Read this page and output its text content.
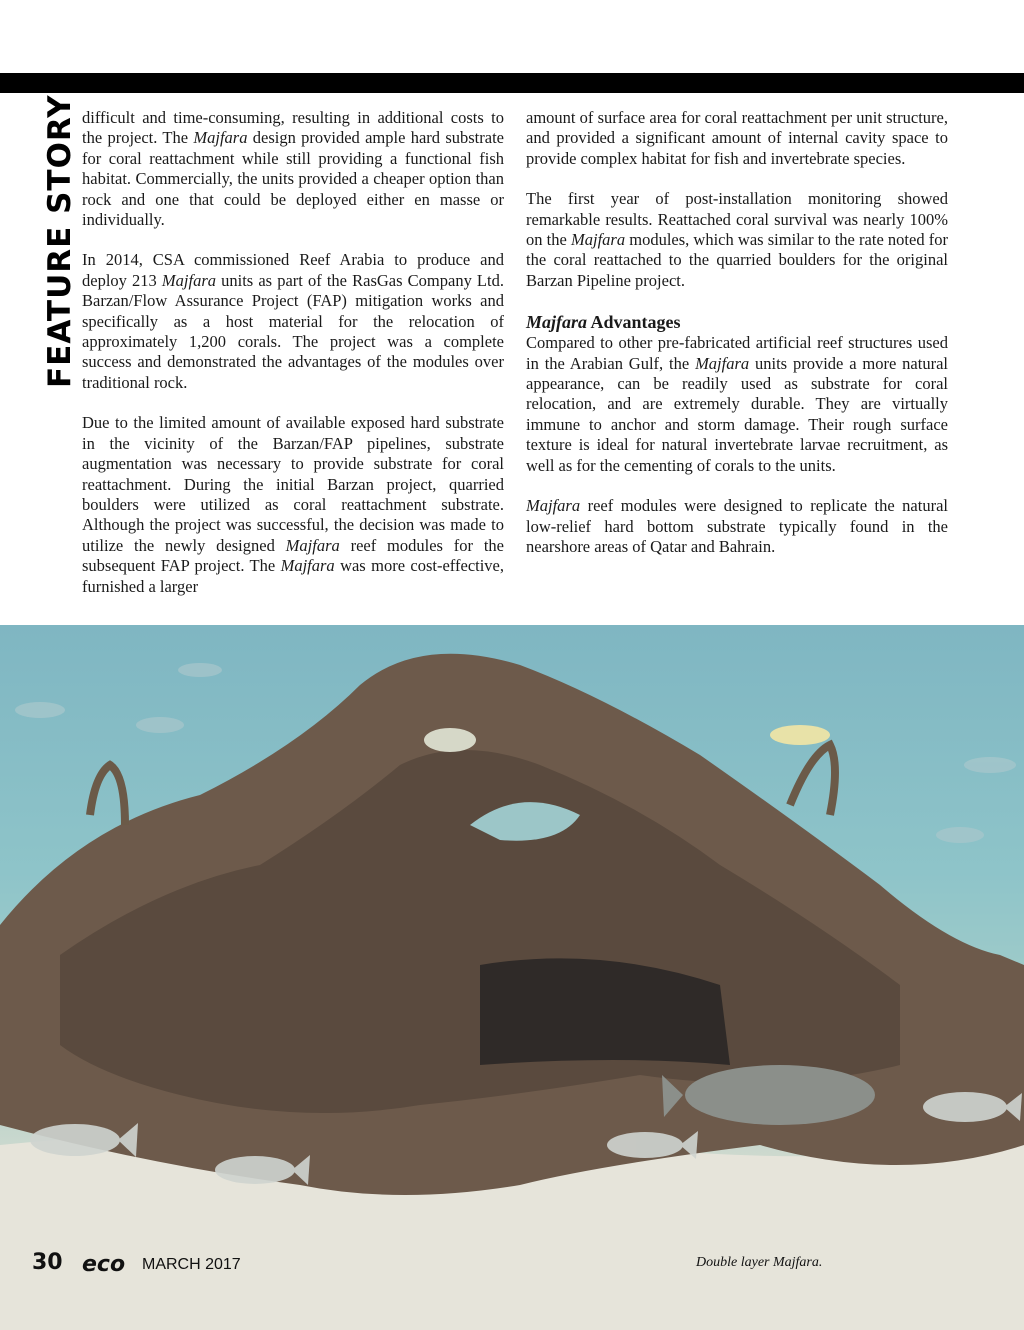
FEATURE STORY difficult and time-consuming, resulting in additional costs to the project. The Majfara design provided ample hard substrate for coral reattachment while still providing a functional fish habitat. Commercially, the units provided a cheaper option than rock and one that could be deployed either en masse or individually.

In 2014, CSA commissioned Reef Arabia to produce and deploy 213 Majfara units as part of the RasGas Company Ltd. Barzan/Flow Assurance Project (FAP) mitigation works and specifically as a host material for the relocation of approximately 1,200 corals. The project was a complete success and demonstrated the advantages of the modules over traditional rock.

Due to the limited amount of available exposed hard substrate in the vicinity of the Barzan/FAP pipelines, substrate augmentation was necessary to provide substrate for coral reattachment. During the initial Barzan project, quarried boulders were utilized as coral reattachment substrate. Although the project was successful, the decision was made to utilize the newly designed Majfara reef modules for the subsequent FAP project. The Majfara was more cost-effective, furnished a larger

amount of surface area for coral reattachment per unit structure, and provided a significant amount of internal cavity space to provide complex habitat for fish and invertebrate species.

The first year of post-installation monitoring showed remarkable results. Reattached coral survival was nearly 100% on the Majfara modules, which was similar to the rate noted for the coral reattached to the quarried boulders for the original Barzan Pipeline project.

Majfara Advantages

Compared to other pre-fabricated artificial reef structures used in the Arabian Gulf, the Majfara units provide a more natural appearance, can be readily used as substrate for coral relocation, and are extremely durable. They are virtually immune to anchor and storm damage. Their rough surface texture is ideal for natural invertebrate larvae recruitment, as well as for the cementing of corals to the units.

Majfara reef modules were designed to replicate the natural low-relief hard bottom substrate typically found in the nearshore areas of Qatar and Bahrain.

30 eco MARCH 2017	Double layer Majfara.
